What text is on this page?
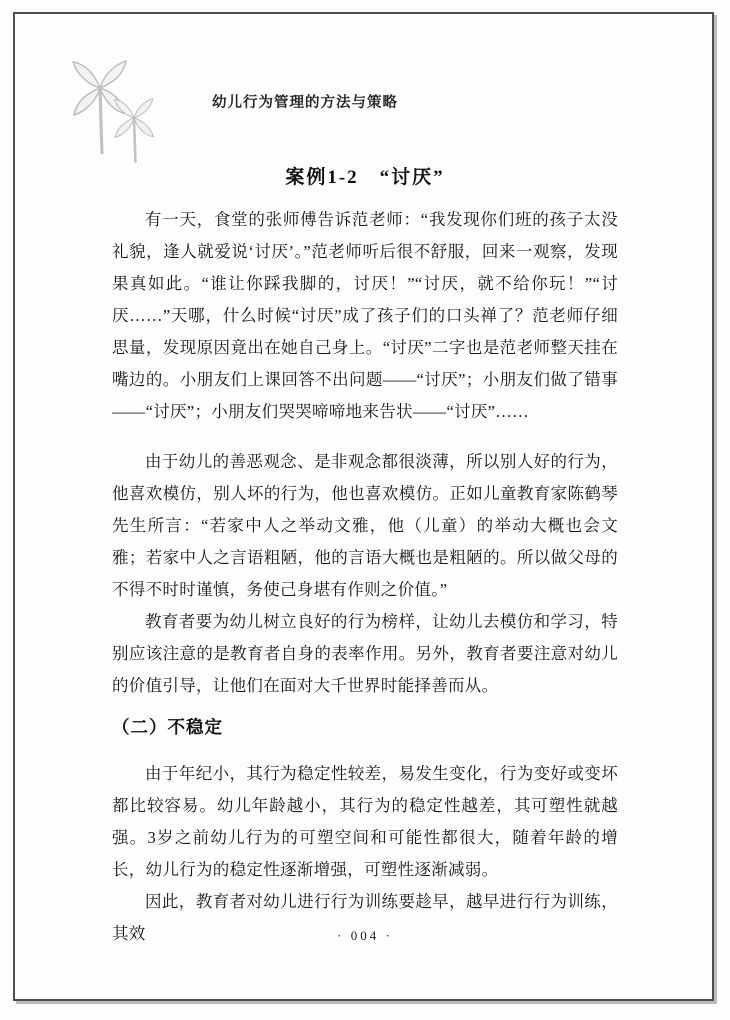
幼儿行为管理的方法与策略
案例1-2　“讨厌”

有一天，食堂的张师傅告诉范老师：“我发现你们班的孩子太没礼貌，逢人就爱说‘讨厌’。”范老师听后很不舒服，回来一观察，发现果真如此。“谁让你踩我脚的，讨厌！”“讨厌，就不给你玩！”“讨厌……”天哪，什么时候“讨厌”成了孩子们的口头禅了？范老师仔细思量，发现原因竟出在她自己身上。“讨厌”二字也是范老师整天挂在嘴边的。小朋友们上课回答不出问题——“讨厌”；小朋友们做了错事——“讨厌”；小朋友们哭哭啼啼地来告状——“讨厌”……

由于幼儿的善恶观念、是非观念都很淡薄，所以别人好的行为，他喜欢模仿，别人坏的行为，他也喜欢模仿。正如儿童教育家陈鹤琴先生所言：“若家中人之举动文雅，他（儿童）的举动大概也会文雅；若家中人之言语粗陋，他的言语大概也是粗陋的。所以做父母的不得不时时谨慎，务使己身堪有作则之价值。”

教育者要为幼儿树立良好的行为榜样，让幼儿去模仿和学习，特别应该注意的是教育者自身的表率作用。另外，教育者要注意对幼儿的价值引导，让他们在面对大千世界时能择善而从。

（二）不稳定

由于年纪小，其行为稳定性较差，易发生变化，行为变好或变坏都比较容易。幼儿年龄越小，其行为的稳定性越差，其可塑性就越强。3岁之前幼儿行为的可塑空间和可能性都很大，随着年龄的增长，幼儿行为的稳定性逐渐增强，可塑性逐渐减弱。

因此，教育者对幼儿进行行为训练要趁早，越早进行行为训练，其效	· 004 ·
